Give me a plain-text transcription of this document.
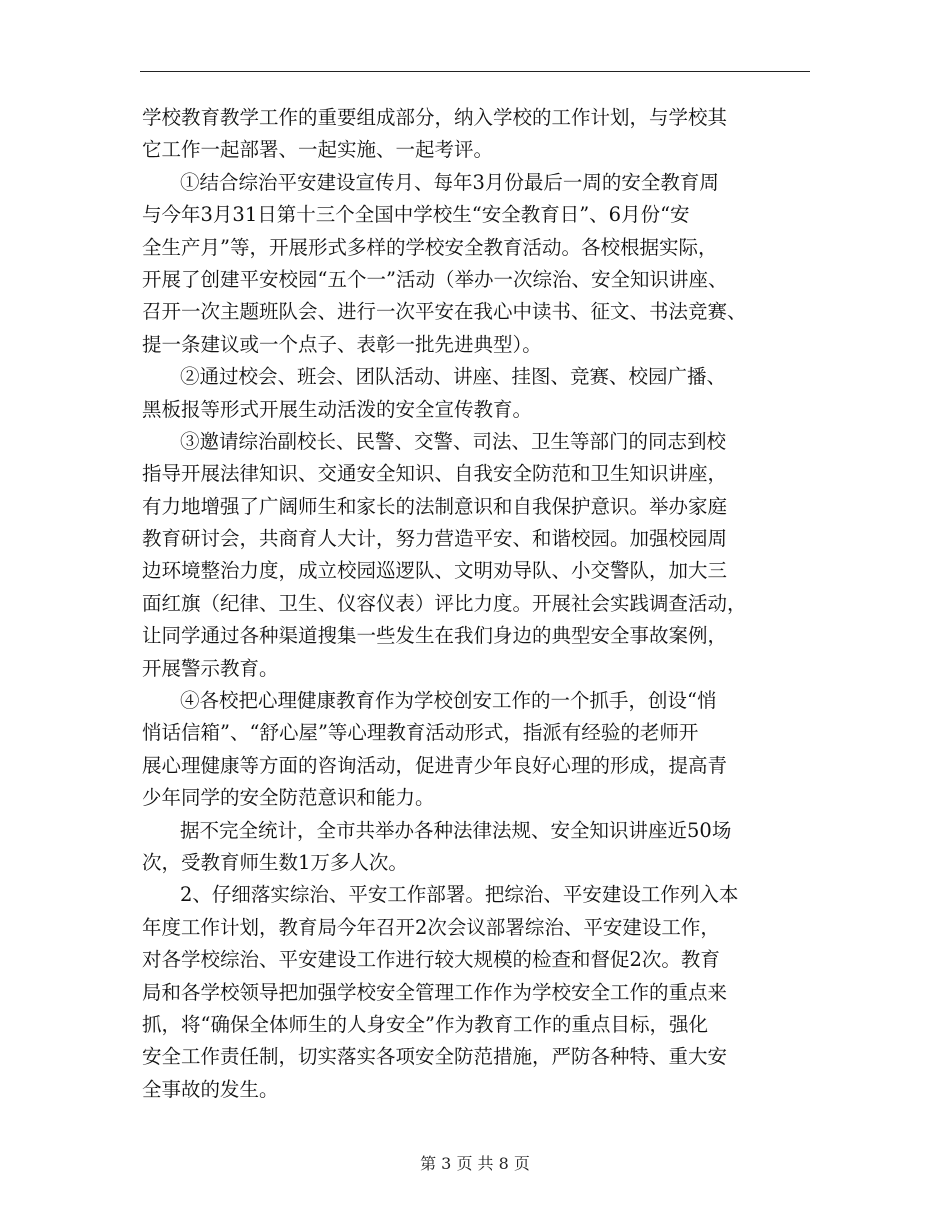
学校教育教学工作的重要组成部分，纳入学校的工作计划，与学校其
它工作一起部署、一起实施、一起考评。
①结合综治平安建设宣传月、每年3月份最后一周的安全教育周
与今年3月31日第十三个全国中学校生“安全教育日”、6月份“安
全生产月”等，开展形式多样的学校安全教育活动。各校根据实际，
开展了创建平安校园“五个一”活动（举办一次综治、安全知识讲座、
召开一次主题班队会、进行一次平安在我心中读书、征文、书法竞赛、
提一条建议或一个点子、表彰一批先进典型）。
②通过校会、班会、团队活动、讲座、挂图、竞赛、校园广播、
黑板报等形式开展生动活泼的安全宣传教育。
③邀请综治副校长、民警、交警、司法、卫生等部门的同志到校
指导开展法律知识、交通安全知识、自我安全防范和卫生知识讲座，
有力地增强了广阔师生和家长的法制意识和自我保护意识。举办家庭
教育研讨会，共商育人大计，努力营造平安、和谐校园。加强校园周
边环境整治力度，成立校园巡逻队、文明劝导队、小交警队，加大三
面红旗（纪律、卫生、仪容仪表）评比力度。开展社会实践调查活动，
让同学通过各种渠道搜集一些发生在我们身边的典型安全事故案例，
开展警示教育。
④各校把心理健康教育作为学校创安工作的一个抓手，创设“悄
悄话信箱”、“舒心屋”等心理教育活动形式，指派有经验的老师开
展心理健康等方面的咨询活动，促进青少年良好心理的形成，提高青
少年同学的安全防范意识和能力。
据不完全统计，全市共举办各种法律法规、安全知识讲座近50场
次，受教育师生数1万多人次。
2、仔细落实综治、平安工作部署。把综治、平安建设工作列入本
年度工作计划，教育局今年召开2次会议部署综治、平安建设工作，
对各学校综治、平安建设工作进行较大规模的检查和督促2次。教育
局和各学校领导把加强学校安全管理工作作为学校安全工作的重点来
抓，将“确保全体师生的人身安全”作为教育工作的重点目标，强化
安全工作责任制，切实落实各项安全防范措施，严防各种特、重大安
全事故的发生。
第 3 页 共 8 页
